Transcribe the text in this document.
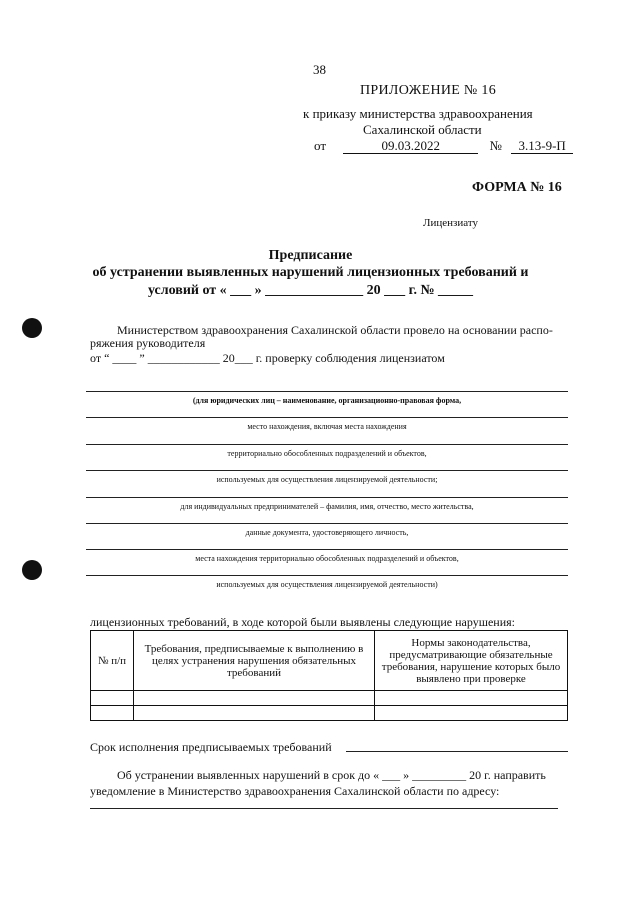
38
ПРИЛОЖЕНИЕ № 16
к приказу министерства здравоохранения
Сахалинской области
от	09.03.2022	№ 3.13-9-П
ФОРМА № 16
Лицензиату
Предписание
об устранении выявленных нарушений лицензионных требований и
условий от « ___ » ______________ 20 ___ г. № _____
Министерством здравоохранения Сахалинской области провело на основании распо-
ряжения руководителя
от “ ____ ” ____________ 20___ г. проверку соблюдения лицензиатом
(для юридических лиц – наименование, организационно-правовая форма,
место нахождения, включая места нахождения
территориально обособленных подразделений и объектов,
используемых для осуществления лицензируемой деятельности;
для индивидуальных предпринимателей – фамилия, имя, отчество, место жительства,
данные документа, удостоверяющего личность,
места нахождения территориально обособленных подразделений и объектов,
используемых для осуществления лицензируемой деятельности)
лицензионных требований, в ходе которой были выявлены следующие нарушения:
№ п/п	Требования, предписываемые к выполнению в целях устранения нарушения обязательных требований	Нормы законодательства, предусматривающие обязательные требования, нарушение которых было выявлено при проверке

Срок исполнения предписываемых требований
Об устранении выявленных нарушений в срок до « ___ » _________ 20 г. направить
уведомление в Министерство здравоохранения Сахалинской области по адресу:
